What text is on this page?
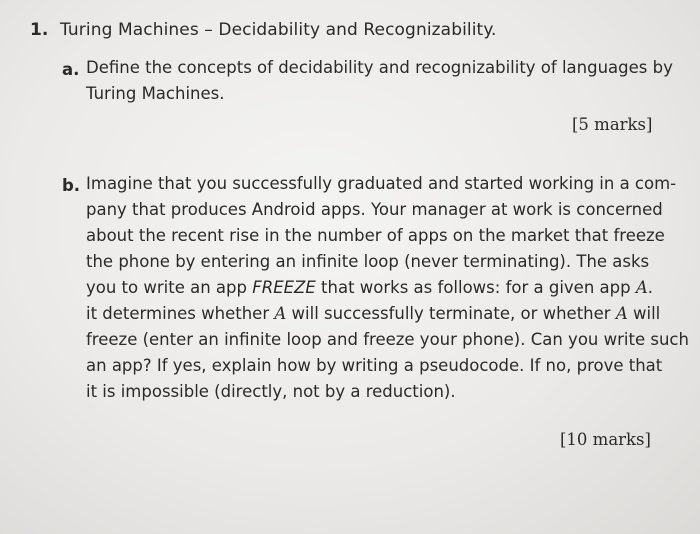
1. Turing Machines – Decidability and Recognizability.
a. Define the concepts of decidability and recognizability of languages by
Turing Machines.
[5 marks]
b. Imagine that you successfully graduated and started working in a com-
pany that produces Android apps. Your manager at work is concerned
about the recent rise in the number of apps on the market that freeze
the phone by entering an infinite loop (never terminating). The asks
you to write an app FREEZE that works as follows: for a given app A.
it determines whether A will successfully terminate, or whether A will
freeze (enter an infinite loop and freeze your phone). Can you write such
an app? If yes, explain how by writing a pseudocode. If no, prove that
it is impossible (directly, not by a reduction).
[10 marks]
